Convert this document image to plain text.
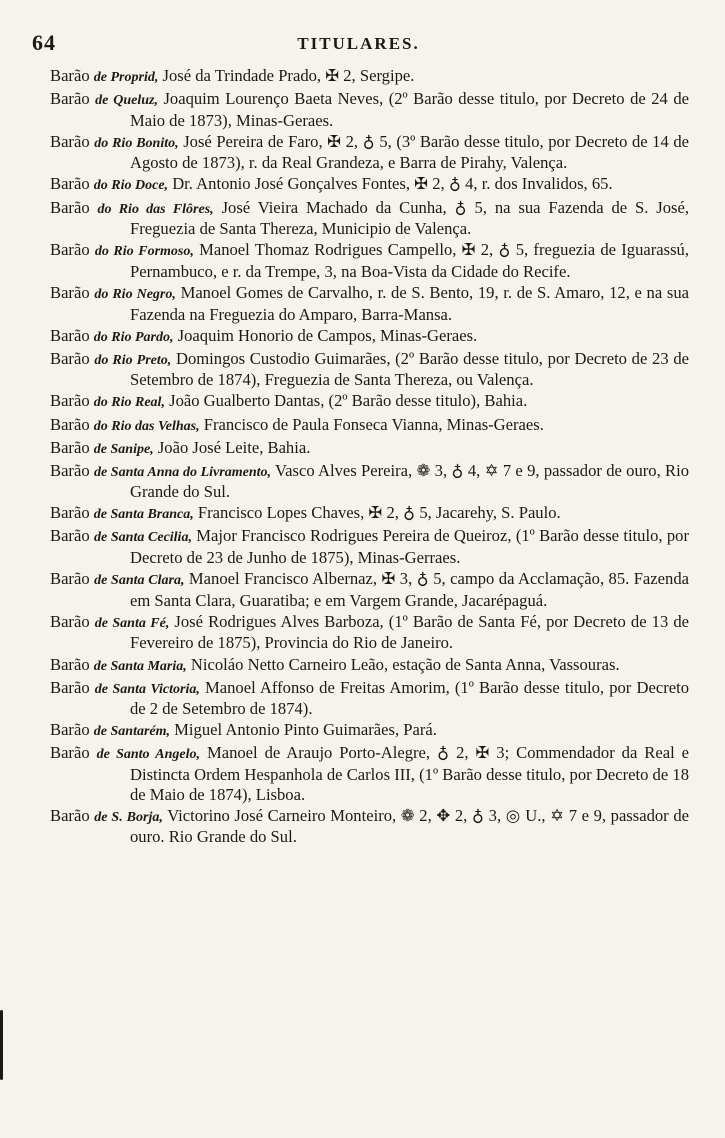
64	TITULARES.

Barão de Proprid, José da Trindade Prado, ✠ 2, Sergipe.

Barão de Queluz, Joaquim Lourenço Baeta Neves, (2º Barão desse titulo, por Decreto de 24 de Maio de 1873), Minas-Geraes.

Barão do Rio Bonito, José Pereira de Faro, ✠ 2, ♁ 5, (3º Barão desse titulo, por Decreto de 14 de Agosto de 1873), r. da Real Grandeza, e Barra de Pirahy, Valença.

Barão do Rio Doce, Dr. Antonio José Gonçalves Fontes, ✠ 2, ♁ 4, r. dos Invalidos, 65.

Barão do Rio das Flôres, José Vieira Machado da Cunha, ♁ 5, na sua Fazenda de S. José, Freguezia de Santa Thereza, Municipio de Valença.

Barão do Rio Formoso, Manoel Thomaz Rodrigues Campello, ✠ 2, ♁ 5, freguezia de Iguarassú, Pernambuco, e r. da Trempe, 3, na Boa-Vista da Cidade do Recife.

Barão do Rio Negro, Manoel Gomes de Carvalho, r. de S. Bento, 19, r. de S. Amaro, 12, e na sua Fazenda na Freguezia do Amparo, Barra-Mansa.

Barão do Rio Pardo, Joaquim Honorio de Campos, Minas-Geraes.

Barão do Rio Preto, Domingos Custodio Guimarães, (2º Barão desse titulo, por Decreto de 23 de Setembro de 1874), Freguezia de Santa Thereza, ou Valença.

Barão do Rio Real, João Gualberto Dantas, (2º Barão desse titulo), Bahia.

Barão do Rio das Velhas, Francisco de Paula Fonseca Vianna, Minas-Geraes.

Barão de Sanipe, João José Leite, Bahia.

Barão de Santa Anna do Livramento, Vasco Alves Pereira, ❁ 3, ♁ 4, ✡ 7 e 9, passador de ouro, Rio Grande do Sul.

Barão de Santa Branca, Francisco Lopes Chaves, ✠ 2, ♁ 5, Jacarehy, S. Paulo.

Barão de Santa Cecilia, Major Francisco Rodrigues Pereira de Queiroz, (1º Barão desse titulo, por Decreto de 23 de Junho de 1875), Minas-Gerraes.

Barão de Santa Clara, Manoel Francisco Albernaz, ✠ 3, ♁ 5, campo da Acclamação, 85. Fazenda em Santa Clara, Guaratiba; e em Vargem Grande, Jacarépaguá.

Barão de Santa Fé, José Rodrigues Alves Barboza, (1º Barão de Santa Fé, por Decreto de 13 de Fevereiro de 1875), Provincia do Rio de Janeiro.

Barão de Santa Maria, Nicoláo Netto Carneiro Leão, estação de Santa Anna, Vassouras.

Barão de Santa Victoria, Manoel Affonso de Freitas Amorim, (1º Barão desse titulo, por Decreto de 2 de Setembro de 1874).

Barão de Santarém, Miguel Antonio Pinto Guimarães, Pará.

Barão de Santo Angelo, Manoel de Araujo Porto-Alegre, ♁ 2, ✠ 3; Commendador da Real e Distincta Ordem Hespanhola de Carlos III, (1º Barão desse titulo, por Decreto de 18 de Maio de 1874), Lisboa.

Barão de S. Borja, Victorino José Carneiro Monteiro, ❁ 2, ✥ 2, ♁ 3, ◎ U., ✡ 7 e 9, passador de ouro. Rio Grande do Sul.
